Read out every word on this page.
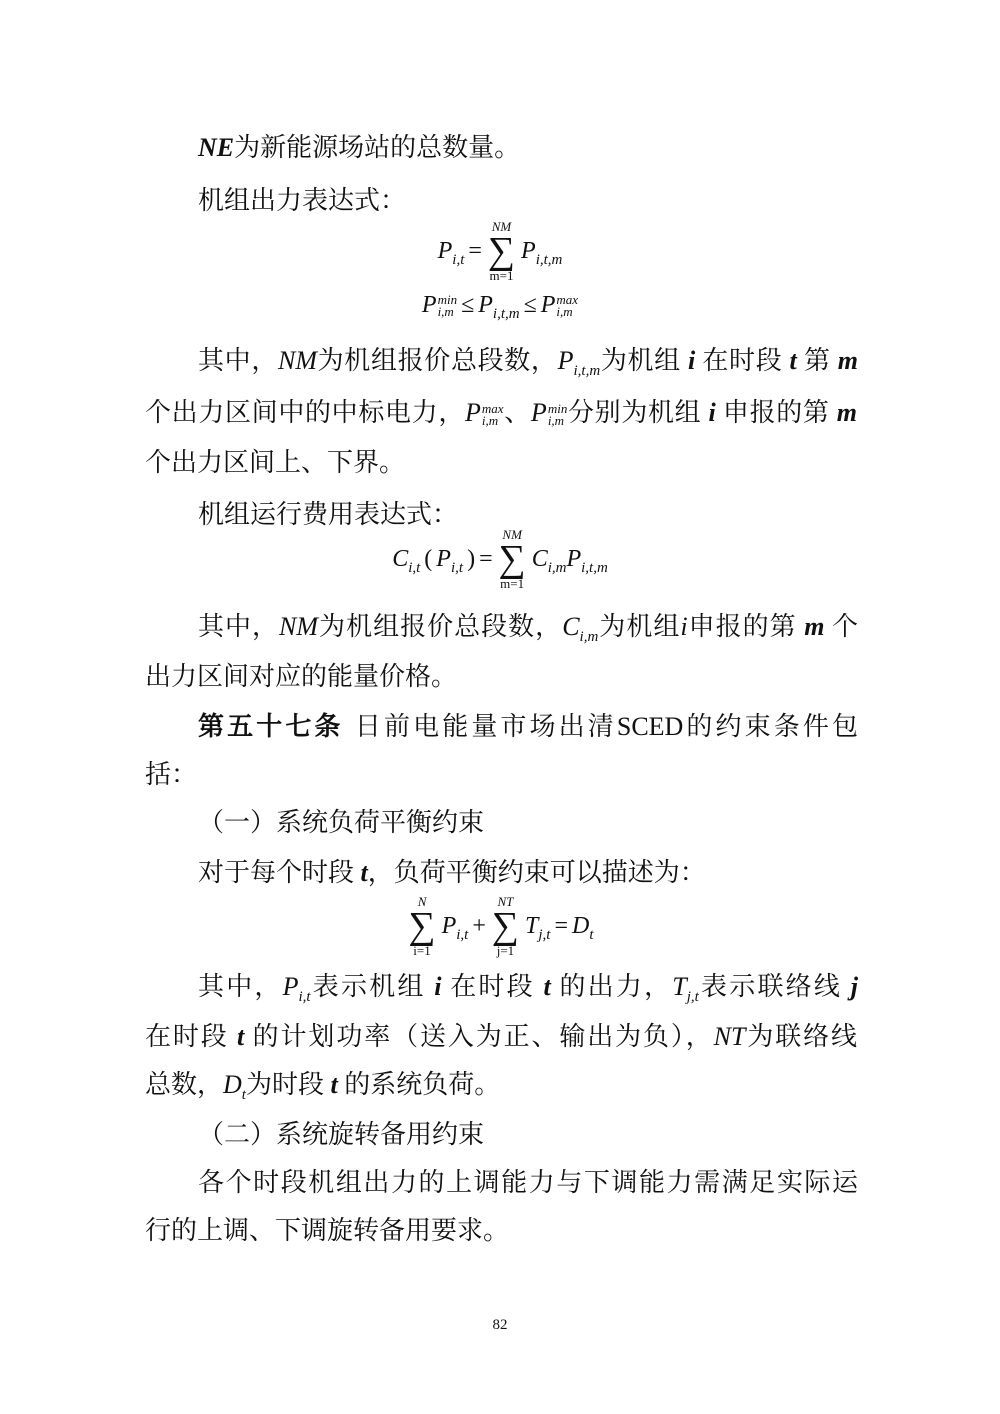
NE为新能源场站的总数量。
机组出力表达式：
$P_{i,t}$ =
NM
∑
m=1
$P_{i,t,m}$
P min
$i,m \le P_{i,t,m} \le P$ max
i,m
其中，NM为机组报价总段数，$P_{i,t,m}$为机组 i 在时段 t 第 m
个出力区间中的中标电力，P max
i,m 、P min
i,m 分别为机组 i 申报的第 m
个出力区间上、下界。
机组运行费用表达式：
$C_{i,t}$ ( $P_{i,t}$ ) =
NM
∑
m=1
$C_{i,m}P_{i,t,m}$
其中，NM为机组报价总段数，$C_{i,m}$为机组i申报的第 m 个
出力区间对应的能量价格。
第五十七条 日前电能量市场出清SCED的约束条件包
括：
（一）系统负荷平衡约束
对于每个时段 t，负荷平衡约束可以描述为：
N
∑
i=1
$P_{i,t}$ +
NT
∑
j=1
$T_{j,t} = D_t$
其中，$P_{i,t}$表示机组 i 在时段 t 的出力，$T_{j,t}$表示联络线 j
在时段 t 的计划功率（送入为正、输出为负），NT为联络线
总数，$D_t$为时段 t 的系统负荷。
（二）系统旋转备用约束
各个时段机组出力的上调能力与下调能力需满足实际运
行的上调、下调旋转备用要求。
82
